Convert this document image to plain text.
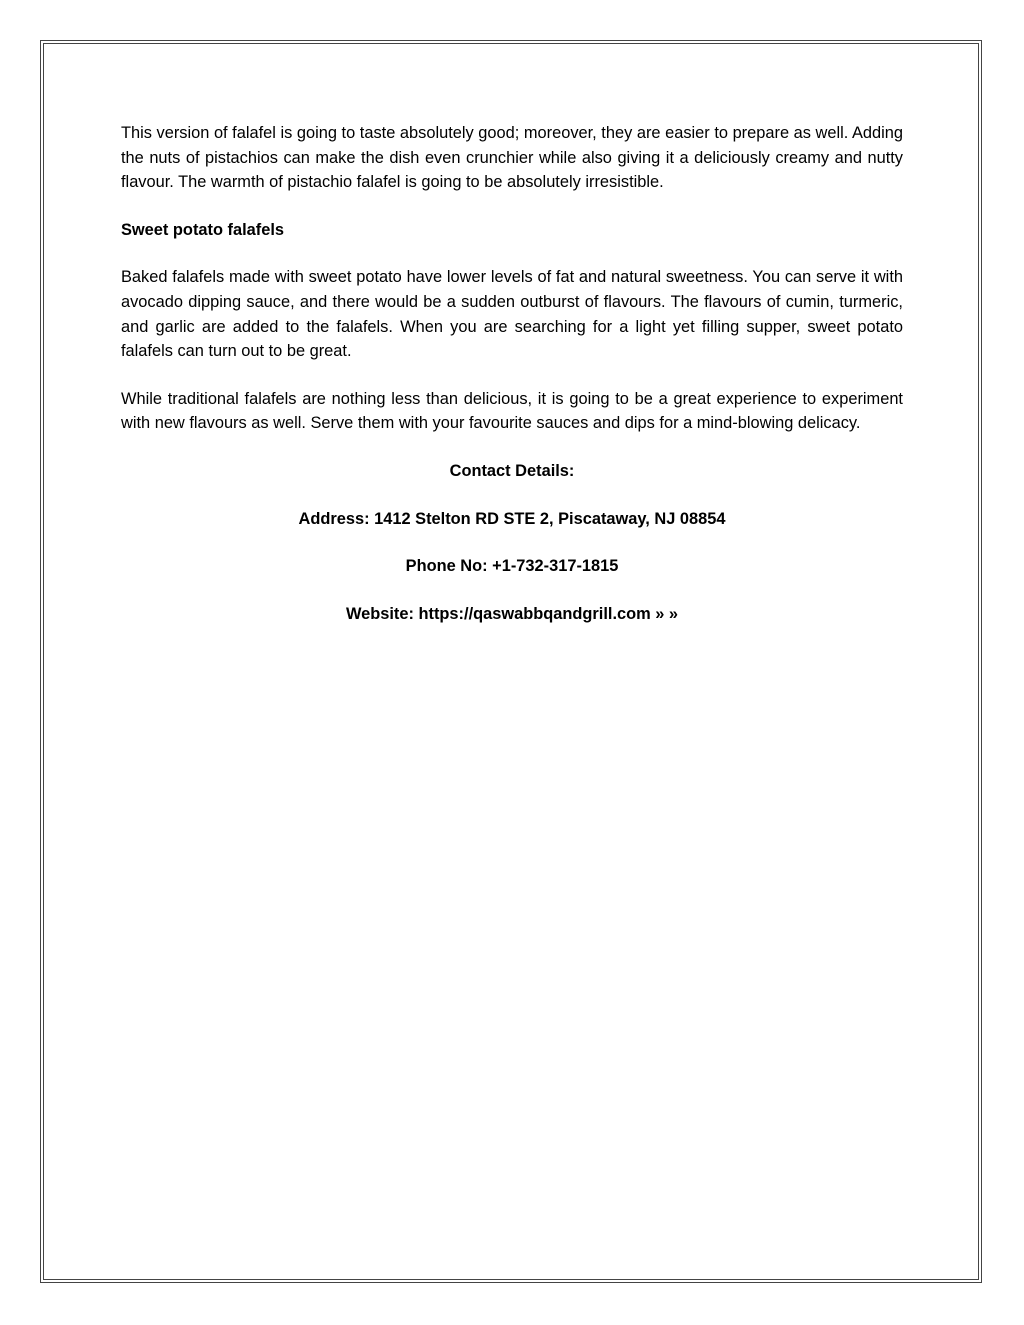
This version of falafel is going to taste absolutely good; moreover, they are easier to prepare as well. Adding the nuts of pistachios can make the dish even crunchier while also giving it a deliciously creamy and nutty flavour. The warmth of pistachio falafel is going to be absolutely irresistible.

Sweet potato falafels

Baked falafels made with sweet potato have lower levels of fat and natural sweetness. You can serve it with avocado dipping sauce, and there would be a sudden outburst of flavours. The flavours of cumin, turmeric, and garlic are added to the falafels. When you are searching for a light yet filling supper, sweet potato falafels can turn out to be great.

While traditional falafels are nothing less than delicious, it is going to be a great experience to experiment with new flavours as well. Serve them with your favourite sauces and dips for a mind-blowing delicacy.

Contact Details:

Address: 1412 Stelton RD STE 2, Piscataway, NJ 08854

Phone No: +1-732-317-1815

Website: https://qaswabbqandgrill.com » »
